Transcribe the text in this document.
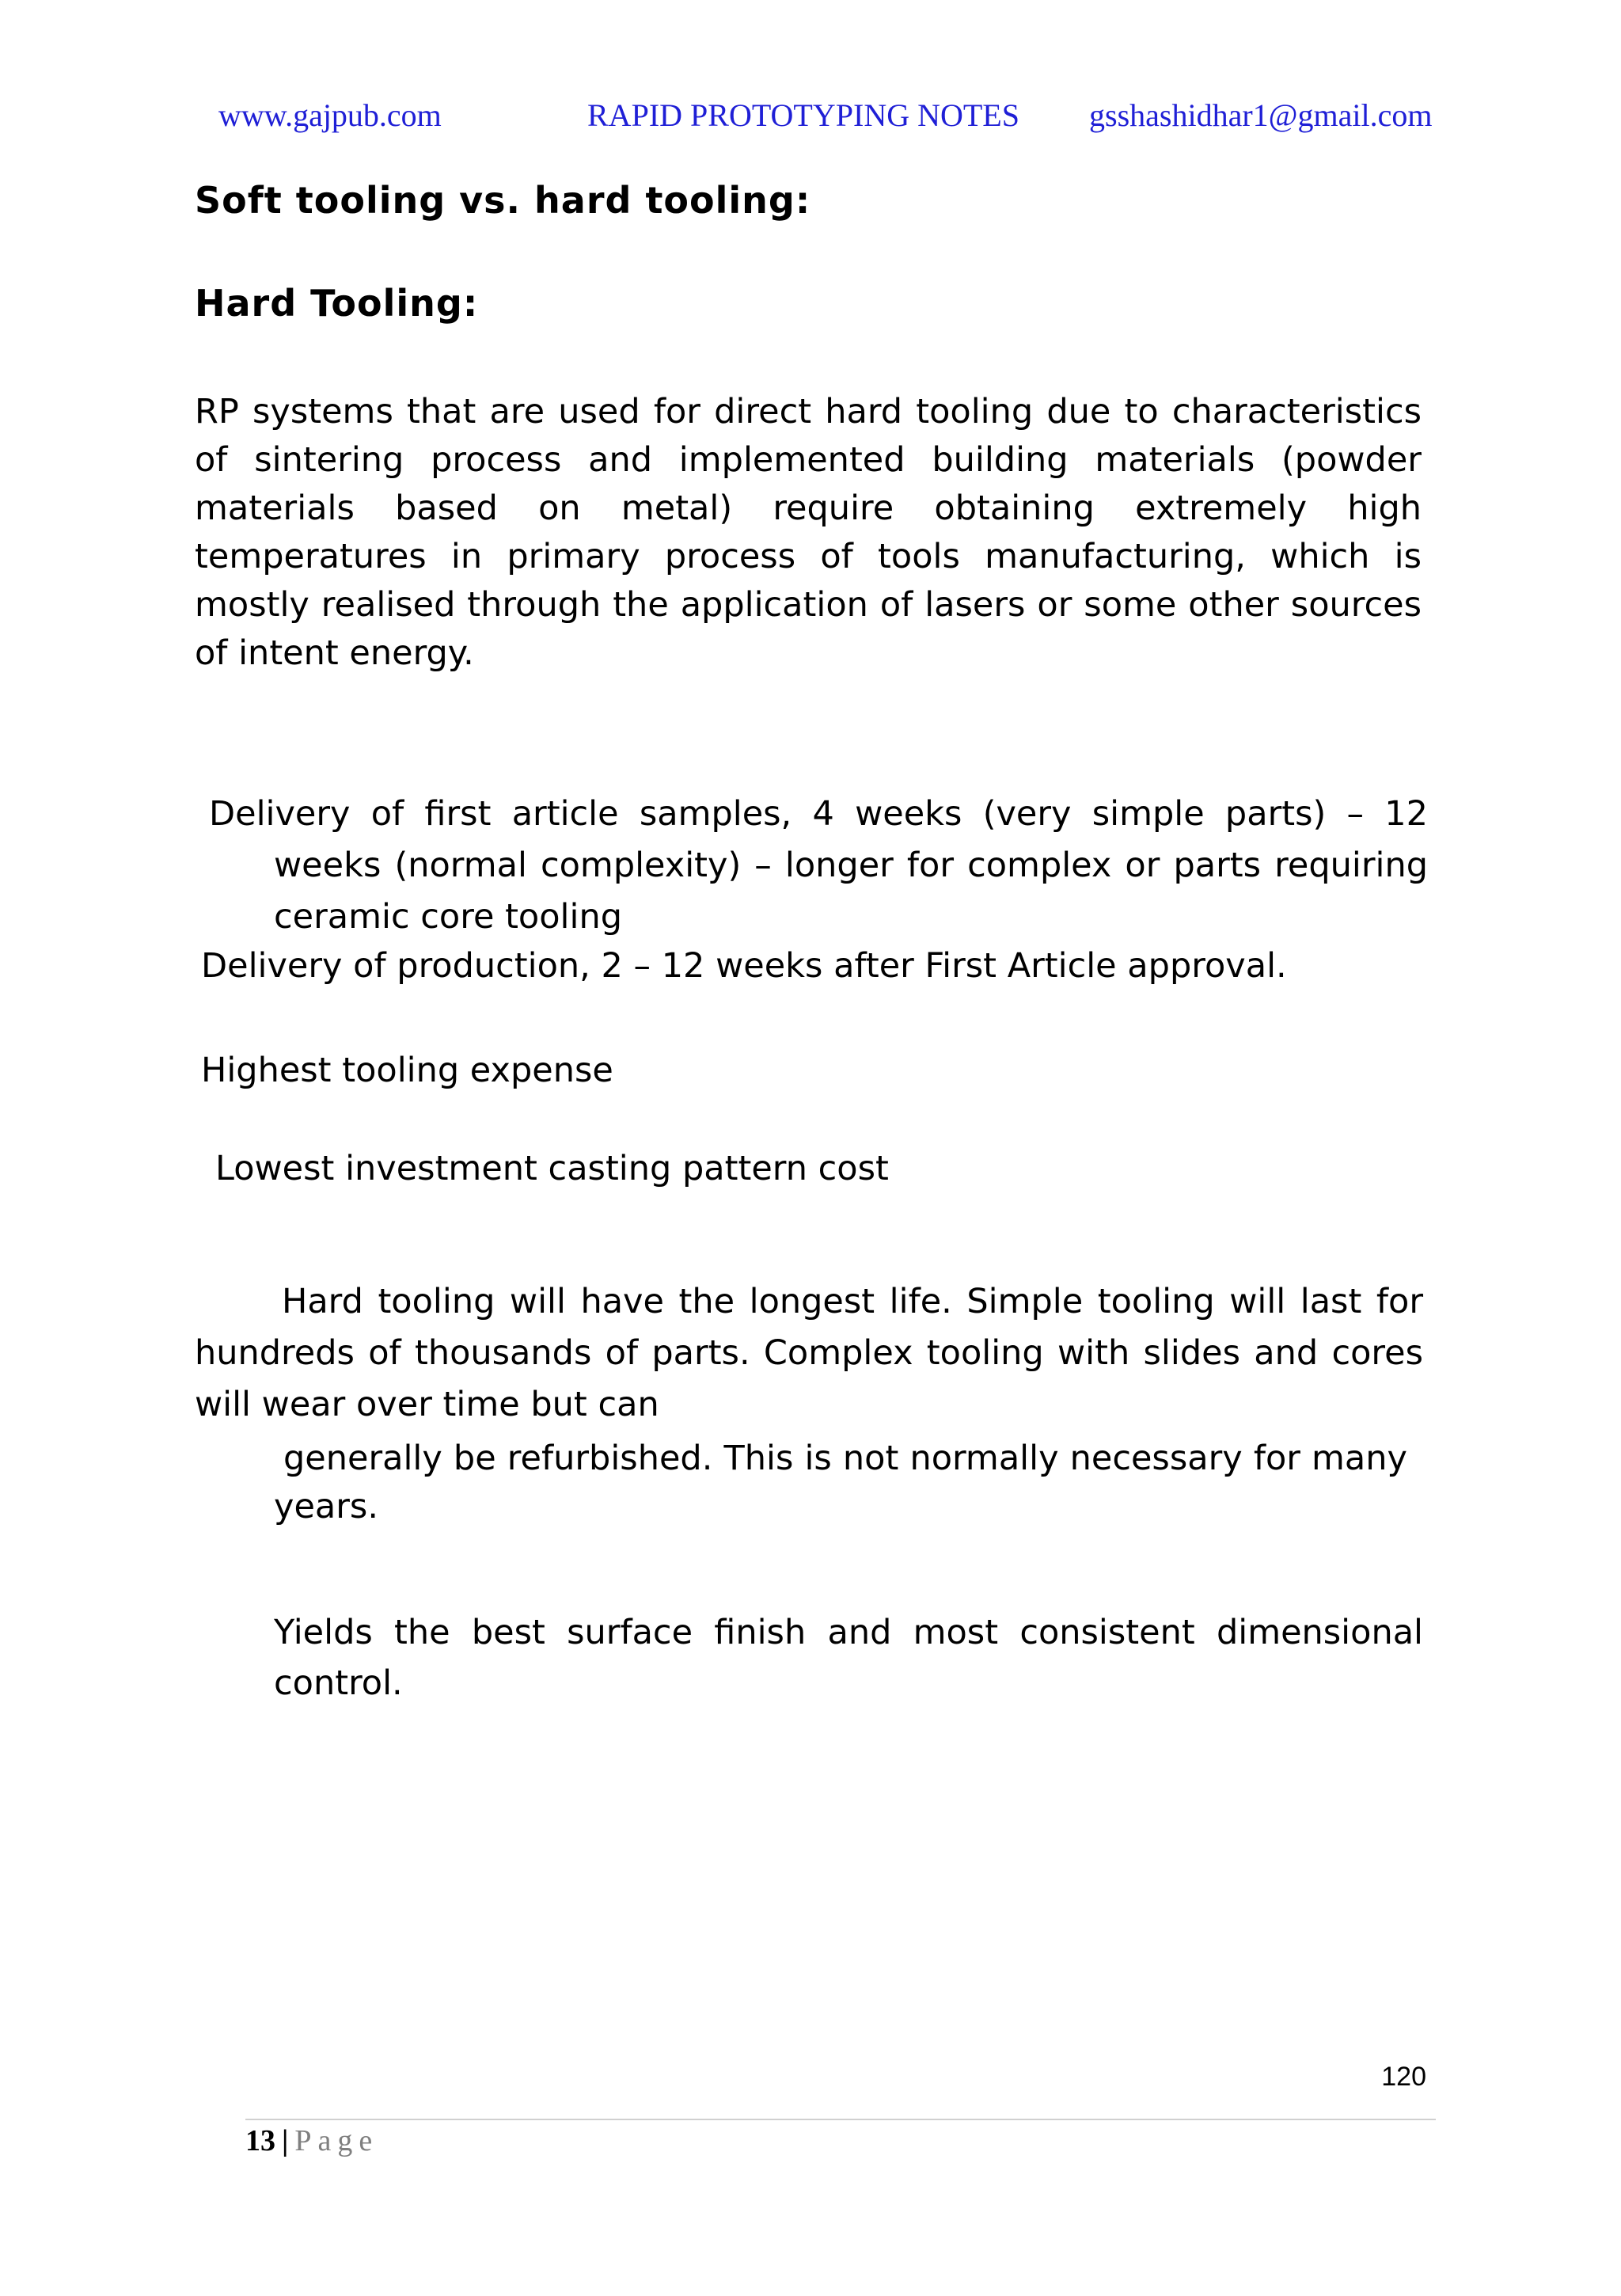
www.gajpub.com	RAPID PROTOTYPING NOTES gsshashidhar1@gmail.com
Soft tooling vs. hard tooling:
Hard Tooling:
RP systems that are used for direct hard tooling due to characteristics of sintering process and implemented building materials (powder materials based on metal) require obtaining extremely high temperatures in primary process of tools manufacturing, which is mostly realised through the application of lasers or some other sources of intent energy.
Delivery of first article samples, 4 weeks (very simple parts) – 12 weeks (normal complexity) – longer for complex or parts requiring ceramic core tooling
Delivery of production, 2 – 12 weeks after First Article approval.
Highest tooling expense
Lowest investment casting pattern cost
Hard tooling will have the longest life. Simple tooling will last for hundreds of thousands of parts. Complex tooling with slides and cores will wear over time but can
generally be refurbished. This is not normally necessary for many years.
Yields the best surface finish and most consistent dimensional control.
120
13 | Page
